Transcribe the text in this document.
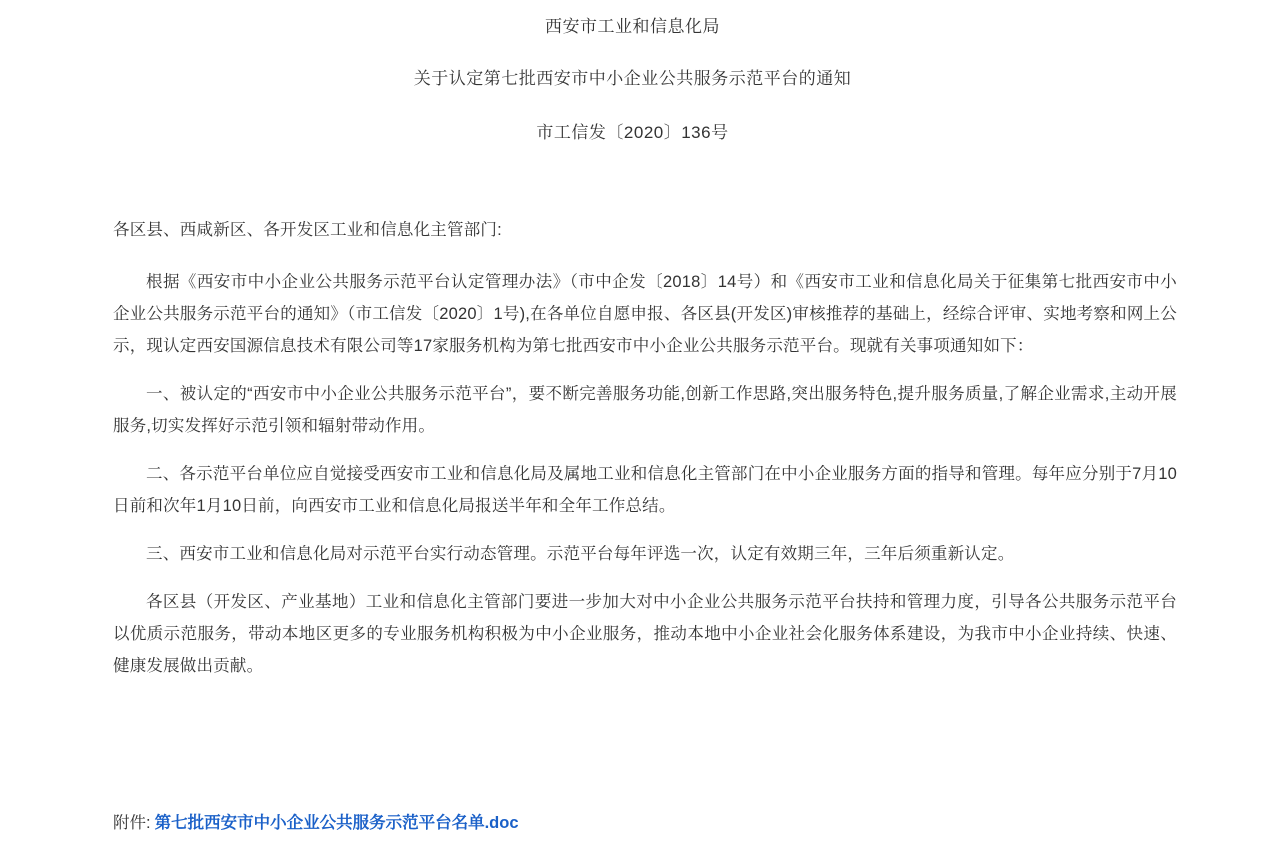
西安市工业和信息化局
关于认定第七批西安市中小企业公共服务示范平台的通知
市工信发〔2020〕136号

各区县、西咸新区、各开发区工业和信息化主管部门:

根据《西安市中小企业公共服务示范平台认定管理办法》（市中企发〔2018〕14号）和《西安市工业和信息化局关于征集第七批西安市中小企业公共服务示范平台的通知》（市工信发〔2020〕1号),在各单位自愿申报、各区县(开发区)审核推荐的基础上，经综合评审、实地考察和网上公示，现认定西安国源信息技术有限公司等17家服务机构为第七批西安市中小企业公共服务示范平台。现就有关事项通知如下：

一、被认定的“西安市中小企业公共服务示范平台”，要不断完善服务功能,创新工作思路,突出服务特色,提升服务质量,了解企业需求,主动开展服务,切实发挥好示范引领和辐射带动作用。

二、各示范平台单位应自觉接受西安市工业和信息化局及属地工业和信息化主管部门在中小企业服务方面的指导和管理。每年应分别于7月10日前和次年1月10日前，向西安市工业和信息化局报送半年和全年工作总结。

三、西安市工业和信息化局对示范平台实行动态管理。示范平台每年评选一次，认定有效期三年，三年后须重新认定。

各区县（开发区、产业基地）工业和信息化主管部门要进一步加大对中小企业公共服务示范平台扶持和管理力度，引导各公共服务示范平台以优质示范服务，带动本地区更多的专业服务机构积极为中小企业服务，推动本地中小企业社会化服务体系建设，为我市中小企业持续、快速、健康发展做出贡献。

附件: 第七批西安市中小企业公共服务示范平台名单.doc
